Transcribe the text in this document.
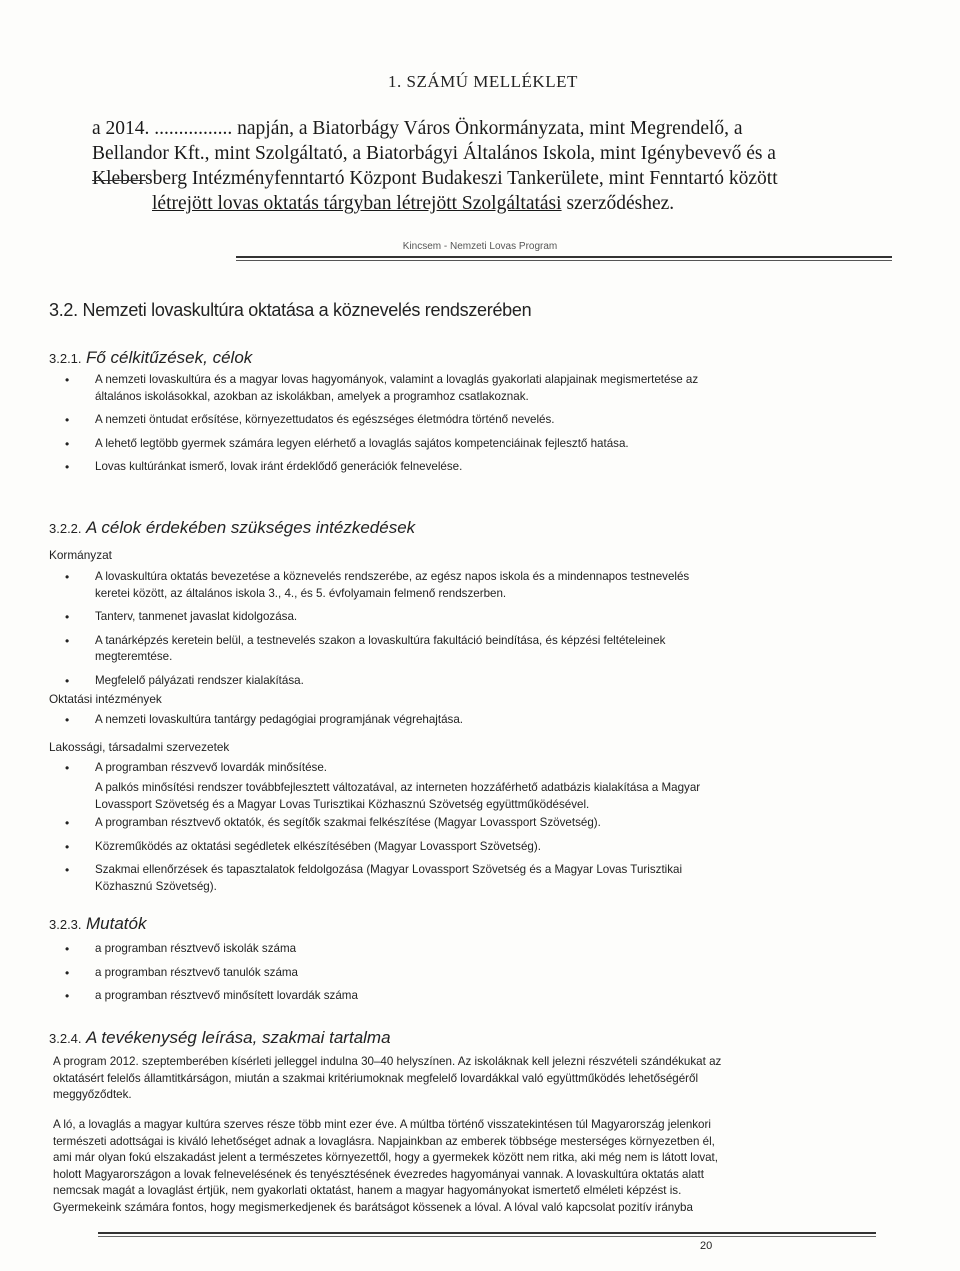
1. SZÁMÚ MELLÉKLET

a 2014. ................ napján, a Biatorbágy Város Önkormányzata, mint Megrendelő, a

Bellandor Kft., mint Szolgáltató, a Biatorbágyi Általános Iskola, mint Igénybevevő és a

Klebersberg Intézményfenntartó Központ Budakeszi Tankerülete, mint Fenntartó között

létrejött lovas oktatás tárgyban létrejött Szolgáltatási szerződéshez.

Kincsem - Nemzeti Lovas Program
3.2. Nemzeti lovaskultúra oktatása a köznevelés rendszerében
3.2.1. Fő célkitűzések, célok
• A nemzeti lovaskultúra és a magyar lovas hagyományok, valamint a lovaglás gyakorlati alapjainak megismertetése az általános iskolásokkal, azokban az iskolákban, amelyek a programhoz csatlakoznak.
• A nemzeti öntudat erősítése, környezettudatos és egészséges életmódra történő nevelés.
• A lehető legtöbb gyermek számára legyen elérhető a lovaglás sajátos kompetenciáinak fejlesztő hatása.
• Lovas kultúránkat ismerő, lovak iránt érdeklődő generációk felnevelése.
3.2.2. A célok érdekében szükséges intézkedések
Kormányzat
• A lovaskultúra oktatás bevezetése a köznevelés rendszerébe, az egész napos iskola és a mindennapos testnevelés keretei között, az általános iskola 3., 4., és 5. évfolyamain felmenő rendszerben.
• Tanterv, tanmenet javaslat kidolgozása.
• A tanárképzés keretein belül, a testnevelés szakon a lovaskultúra fakultáció beindítása, és képzési feltételeinek megteremtése.
• Megfelelő pályázati rendszer kialakítása.
Oktatási intézmények
• A nemzeti lovaskultúra tantárgy pedagógiai programjának végrehajtása.
Lakossági, társadalmi szervezetek
• A programban részvevő lovardák minősítése.
A palkós minősítési rendszer továbbfejlesztett változatával, az interneten hozzáférhető adatbázis kialakítása a Magyar Lovassport Szövetség és a Magyar Lovas Turisztikai Közhasznú Szövetség együttműködésével.
• A programban résztvevő oktatók, és segítők szakmai felkészítése (Magyar Lovassport Szövetség).
• Közreműködés az oktatási segédletek elkészítésében (Magyar Lovassport Szövetség).
• Szakmai ellenőrzések és tapasztalatok feldolgozása (Magyar Lovassport Szövetség és a Magyar Lovas Turisztikai Közhasznú Szövetség).
3.2.3. Mutatók
• a programban résztvevő iskolák száma
• a programban résztvevő tanulók száma
• a programban résztvevő minősített lovardák száma
3.2.4. A tevékenység leírása, szakmai tartalma
A program 2012. szeptemberében kísérleti jelleggel indulna 30–40 helyszínen. Az iskoláknak kell jelezni részvételi szándékukat az oktatásért felelős államtitkárságon, miután a szakmai kritériumoknak megfelelő lovardákkal való együttműködés lehetőségéről meggyőződtek.
A ló, a lovaglás a magyar kultúra szerves része több mint ezer éve. A múltba történő visszatekintésen túl Magyarország jelenkori természeti adottságai is kiváló lehetőséget adnak a lovaglásra. Napjainkban az emberek többsége mesterséges környezetben él, ami már olyan fokú elszakadást jelent a természetes környezettől, hogy a gyermekek között nem ritka, aki még nem is látott lovat, holott Magyarországon a lovak felnevelésének és tenyésztésének évezredes hagyományai vannak. A lovaskultúra oktatás alatt nemcsak magát a lovaglást értjük, nem gyakorlati oktatást, hanem a magyar hagyományokat ismertető elméleti képzést is. Gyermekeink számára fontos, hogy megismerkedjenek és barátságot kössenek a lóval. A lóval való kapcsolat pozitív irányba
20
